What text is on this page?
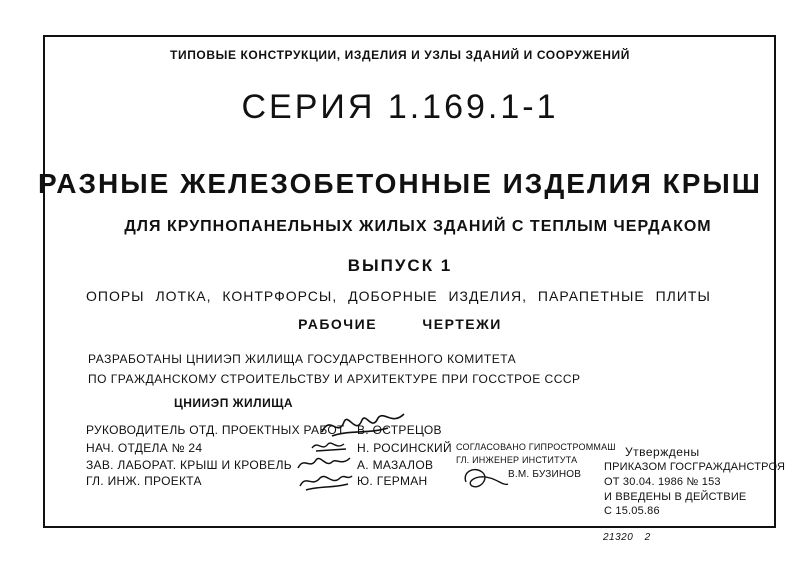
ТИПОВЫЕ КОНСТРУКЦИИ, ИЗДЕЛИЯ И УЗЛЫ ЗДАНИЙ И СООРУЖЕНИЙ
СЕРИЯ 1.169.1-1
РАЗНЫЕ ЖЕЛЕЗОБЕТОННЫЕ ИЗДЕЛИЯ КРЫШ
ДЛЯ КРУПНОПАНЕЛЬНЫХ ЖИЛЫХ ЗДАНИЙ С ТЕПЛЫМ ЧЕРДАКОМ
ВЫПУСК 1
ОПОРЫ ЛОТКА, КОНТРФОРСЫ, ДОБОРНЫЕ ИЗДЕЛИЯ, ПАРАПЕТНЫЕ ПЛИТЫ
РАБОЧИЕ ЧЕРТЕЖИ
РАЗРАБОТАНЫ ЦНИИЭП ЖИЛИЩА ГОСУДАРСТВЕННОГО КОМИТЕТА
ПО ГРАЖДАНСКОМУ СТРОИТЕЛЬСТВУ И АРХИТЕКТУРЕ ПРИ ГОССТРОЕ СССР
ЦНИИЭП ЖИЛИЩА
РУКОВОДИТЕЛЬ ОТД. ПРОЕКТНЫХ РАБОТ
НАЧ. ОТДЕЛА № 24
ЗАВ. ЛАБОРАТ. КРЫШ И КРОВЕЛЬ
ГЛ. ИНЖ. ПРОЕКТА
В. ОСТРЕЦОВ
Н. РОСИНСКИЙ
А. МАЗАЛОВ
Ю. ГЕРМАН
СОГЛАСОВАНО ГИПРОСТРОММАШ
ГЛ. ИНЖЕНЕР ИНСТИТУТА
В.М. БУЗИНОВ
Утверждены
ПРИКАЗОМ ГОСГРАЖДАНСТРОЯ
ОТ 30.04. 1986 № 153
И ВВЕДЕНЫ В ДЕЙСТВИЕ
С 15.05.86
21320 2
